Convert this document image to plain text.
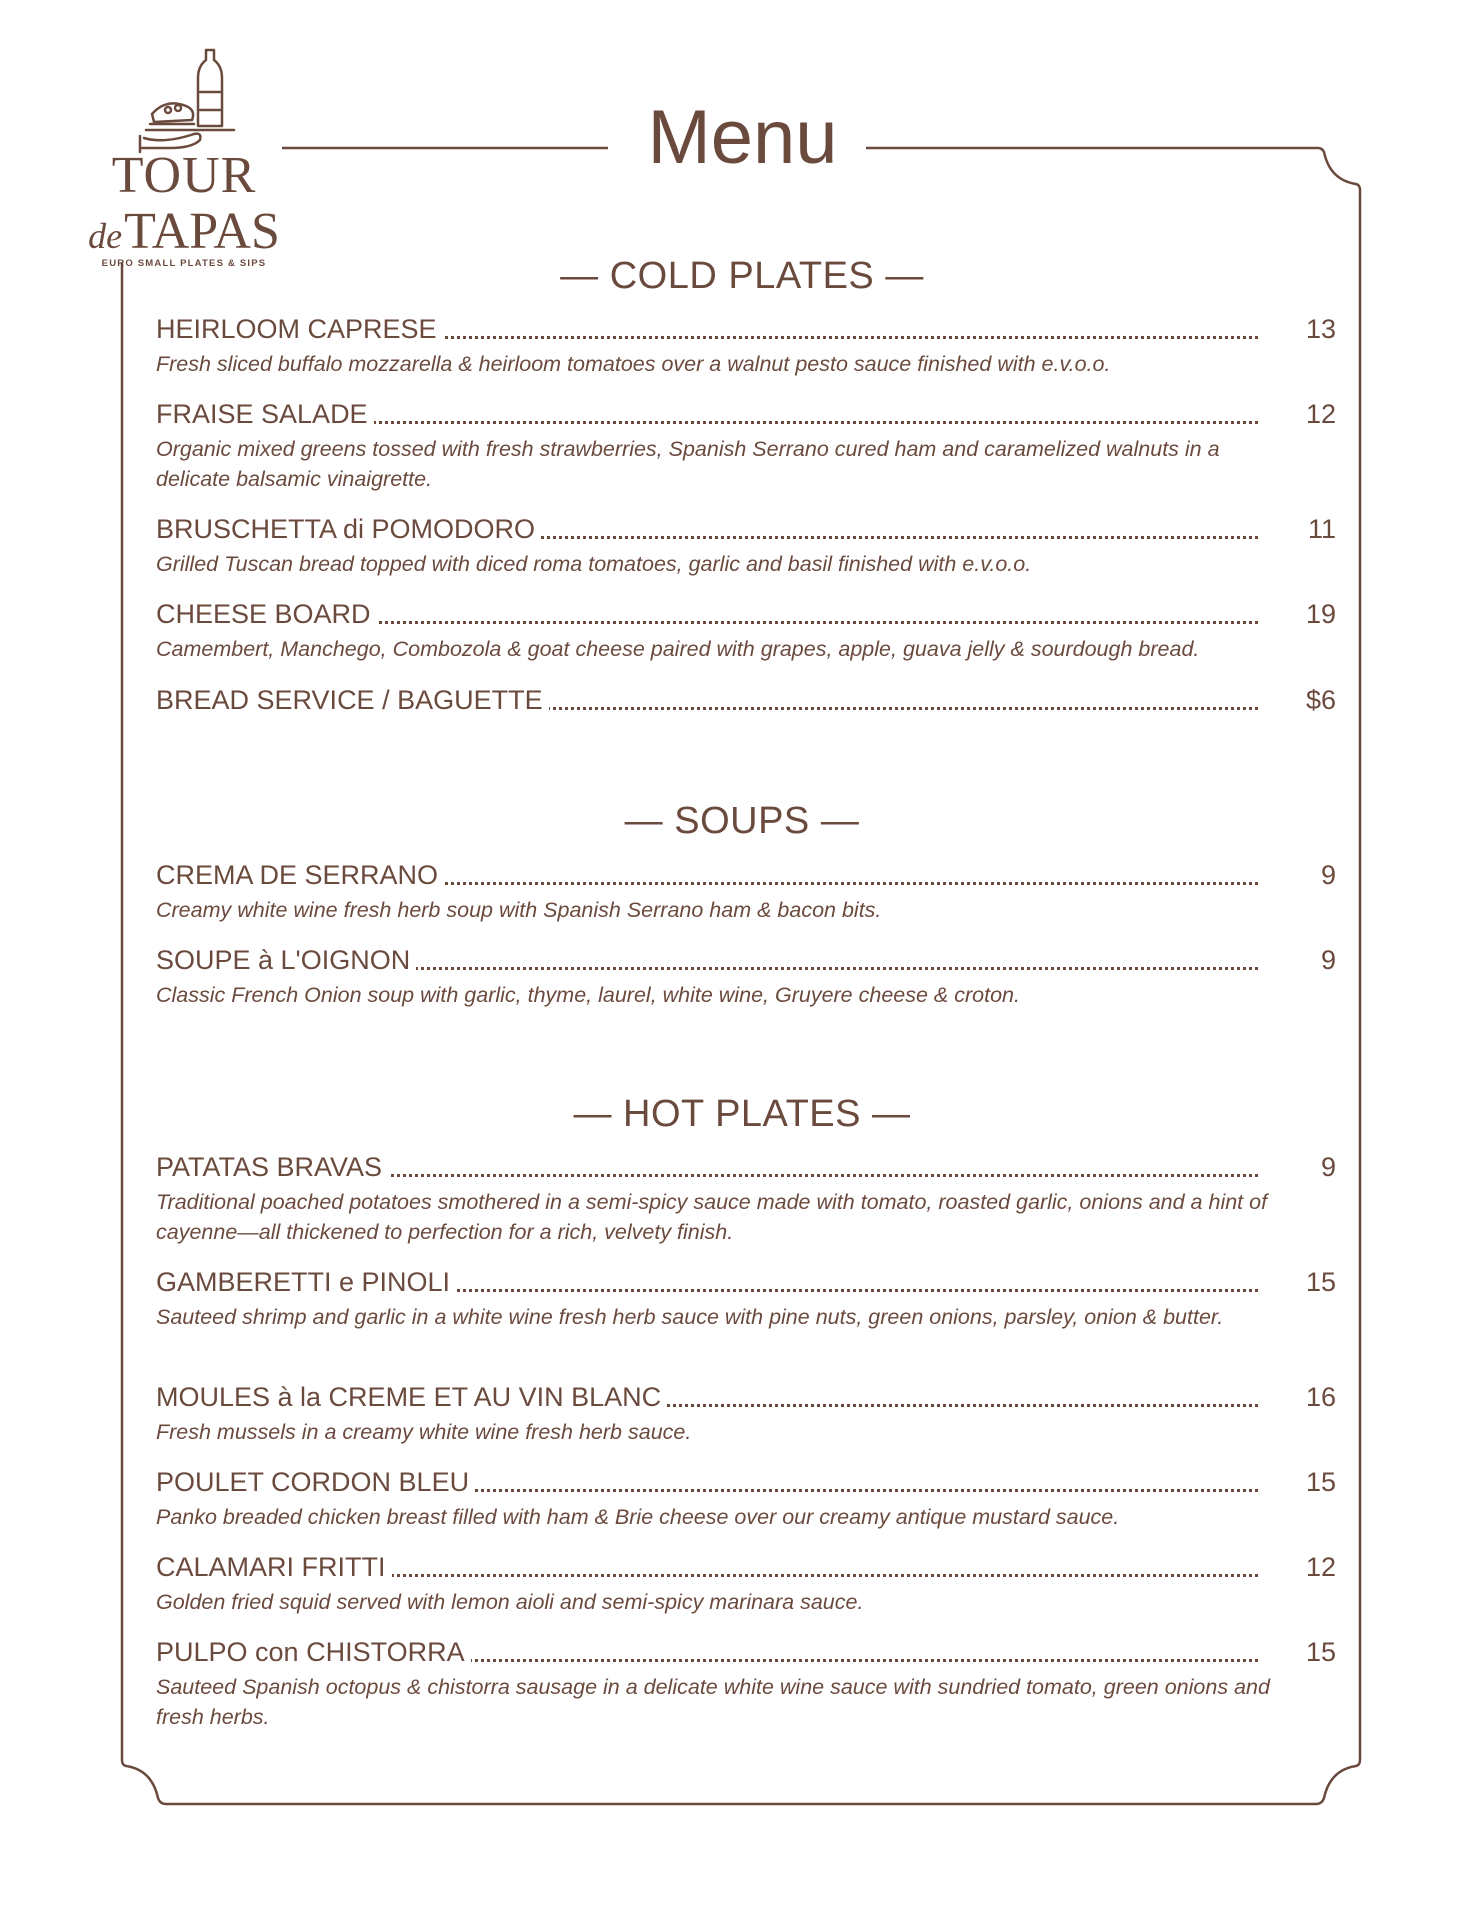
TOUR
deTAPAS
EURO SMALL PLATES & SIPS
Menu
— COLD PLATES —
HEIRLOOM CAPRESE	13
Fresh sliced buffalo mozzarella & heirloom tomatoes over a walnut pesto sauce finished with e.v.o.o.
FRAISE SALADE	12
Organic mixed greens tossed with fresh strawberries, Spanish Serrano cured ham and caramelized walnuts in a delicate balsamic vinaigrette.
BRUSCHETTA di POMODORO	11
Grilled Tuscan bread topped with diced roma tomatoes, garlic and basil finished with e.v.o.o.
CHEESE BOARD	19
Camembert, Manchego, Combozola & goat cheese paired with grapes, apple, guava jelly & sourdough bread.
BREAD SERVICE / BAGUETTE	$6
— SOUPS —
CREMA DE SERRANO	9
Creamy white wine fresh herb soup with Spanish Serrano ham & bacon bits.
SOUPE à L'OIGNON	9
Classic French Onion soup with garlic, thyme, laurel, white wine, Gruyere cheese & croton.
— HOT PLATES —
PATATAS BRAVAS	9
Traditional poached potatoes smothered in a semi-spicy sauce made with tomato, roasted garlic, onions and a hint of cayenne—all thickened to perfection for a rich, velvety finish.
GAMBERETTI e PINOLI	15
Sauteed shrimp and garlic in a white wine fresh herb sauce with pine nuts, green onions, parsley, onion & butter.
MOULES à la CREME ET AU VIN BLANC	16
Fresh mussels in a creamy white wine fresh herb sauce.
POULET CORDON BLEU	15
Panko breaded chicken breast filled with ham & Brie cheese over our creamy antique mustard sauce.
CALAMARI FRITTI	12
Golden fried squid served with lemon aioli and semi-spicy marinara sauce.
PULPO con CHISTORRA	15
Sauteed Spanish octopus & chistorra sausage in a delicate white wine sauce with sundried tomato, green onions and fresh herbs.
